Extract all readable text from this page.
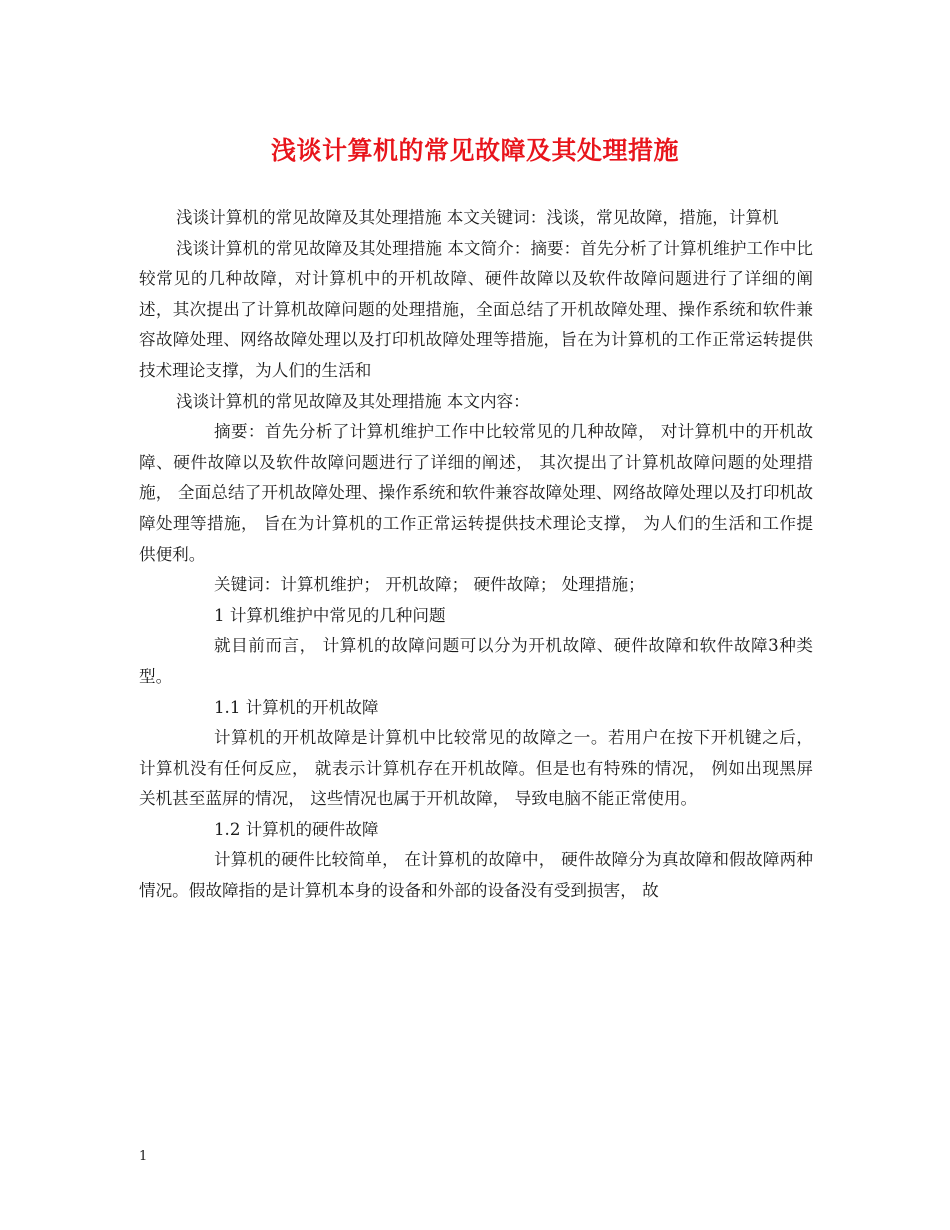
浅谈计算机的常见故障及其处理措施

浅谈计算机的常见故障及其处理措施 本文关键词：浅谈，常见故障，措施，计算机

浅谈计算机的常见故障及其处理措施 本文简介：摘要：首先分析了计算机维护工作中比较常见的几种故障，对计算机中的开机故障、硬件故障以及软件故障问题进行了详细的阐述，其次提出了计算机故障问题的处理措施，全面总结了开机故障处理、操作系统和软件兼容故障处理、网络故障处理以及打印机故障处理等措施，旨在为计算机的工作正常运转提供技术理论支撑，为人们的生活和

浅谈计算机的常见故障及其处理措施 本文内容：

摘要：首先分析了计算机维护工作中比较常见的几种故障， 对计算机中的开机故障、硬件故障以及软件故障问题进行了详细的阐述， 其次提出了计算机故障问题的处理措施， 全面总结了开机故障处理、操作系统和软件兼容故障处理、网络故障处理以及打印机故障处理等措施， 旨在为计算机的工作正常运转提供技术理论支撑， 为人们的生活和工作提供便利。

关键词：计算机维护； 开机故障； 硬件故障； 处理措施；

1 计算机维护中常见的几种问题

就目前而言， 计算机的故障问题可以分为开机故障、硬件故障和软件故障3种类型。

1.1 计算机的开机故障

计算机的开机故障是计算机中比较常见的故障之一。若用户在按下开机键之后， 计算机没有任何反应， 就表示计算机存在开机故障。但是也有特殊的情况， 例如出现黑屏关机甚至蓝屏的情况， 这些情况也属于开机故障， 导致电脑不能正常使用。

1.2 计算机的硬件故障

计算机的硬件比较简单， 在计算机的故障中， 硬件故障分为真故障和假故障两种情况。假故障指的是计算机本身的设备和外部的设备没有受到损害， 故

1
